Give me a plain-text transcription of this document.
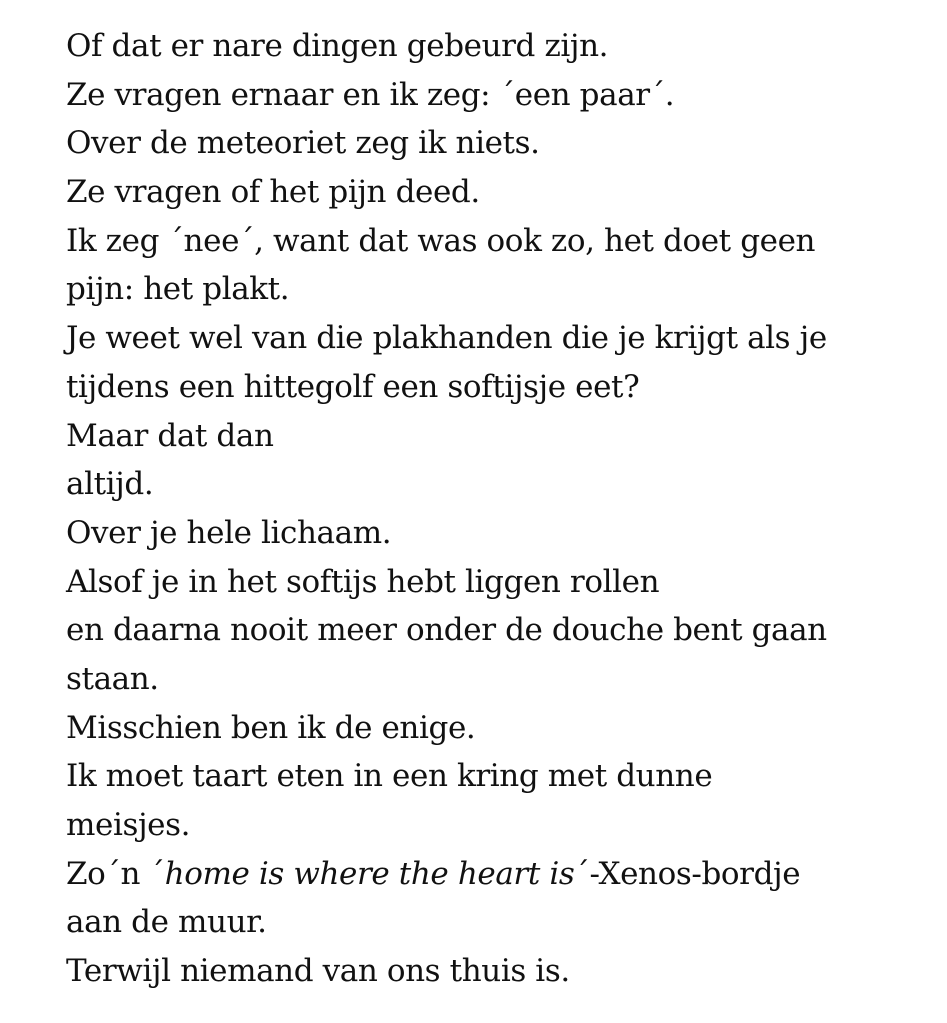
Of dat er nare dingen gebeurd zijn.
Ze vragen ernaar en ik zeg: ´een paar´.
Over de meteoriet zeg ik niets.
Ze vragen of het pijn deed.
Ik zeg ´nee´, want dat was ook zo, het doet geen
pijn: het plakt.
Je weet wel van die plakhanden die je krijgt als je
tijdens een hittegolf een softijsje eet?
Maar dat dan
altijd.
Over je hele lichaam.
Alsof je in het softijs hebt liggen rollen
en daarna nooit meer onder de douche bent gaan
staan.
Misschien ben ik de enige.
Ik moet taart eten in een kring met dunne
meisjes.
Zo´n ´home is where the heart is´-Xenos-bordje
aan de muur.
Terwijl niemand van ons thuis is.
